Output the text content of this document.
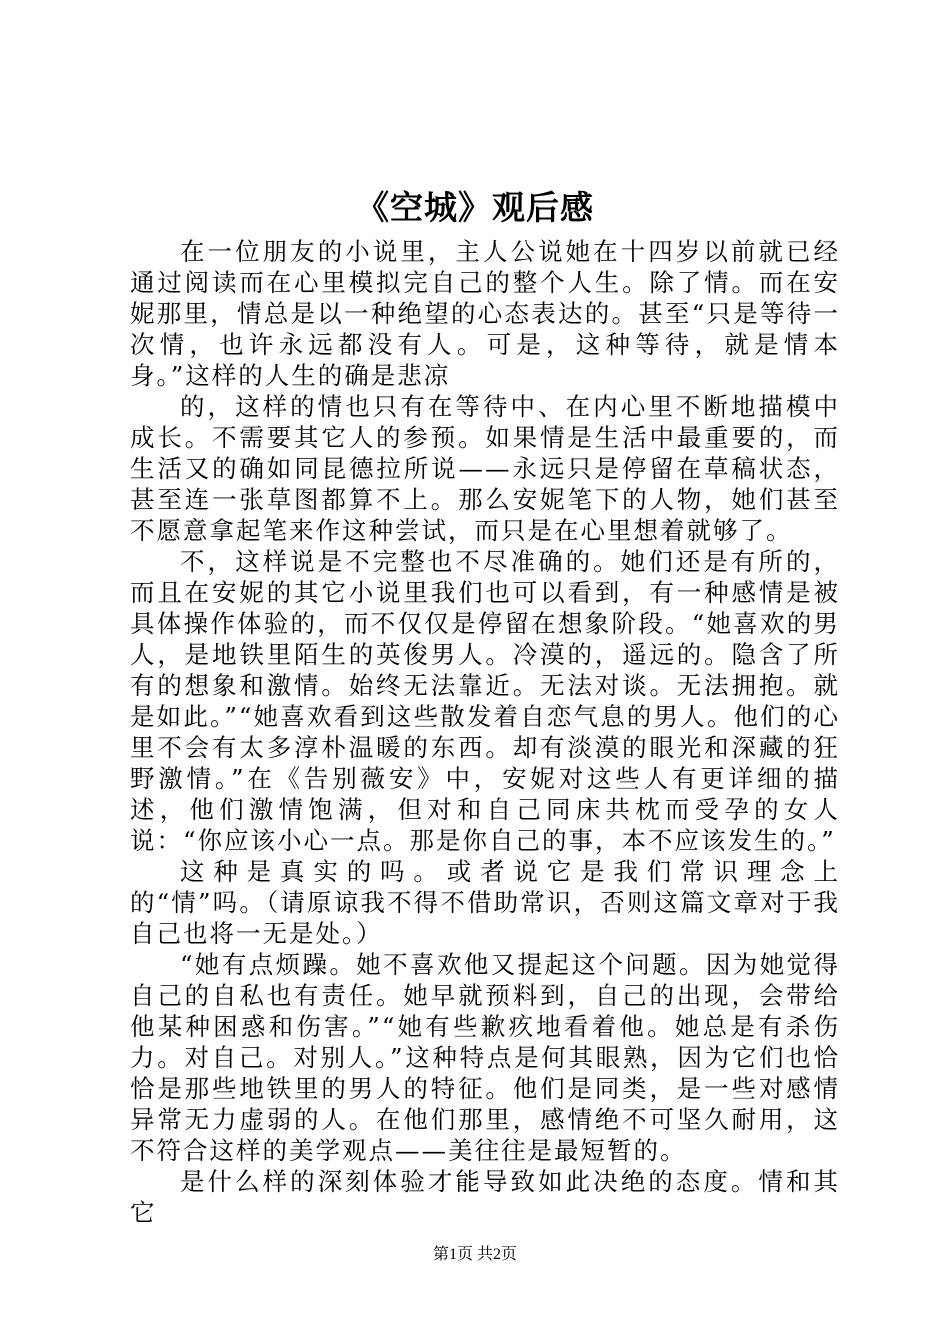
《空城》观后感

在一位朋友的小说里，主人公说她在十四岁以前就已经通过阅读而在心里模拟完自己的整个人生。除了情。而在安妮那里，情总是以一种绝望的心态表达的。甚至“只是等待一次情，也许永远都没有人。可是，这种等待，就是情本身。”这样的人生的确是悲凉

的，这样的情也只有在等待中、在内心里不断地描模中成长。不需要其它人的参预。如果情是生活中最重要的，而生活又的确如同昆德拉所说——永远只是停留在草稿状态，甚至连一张草图都算不上。那么安妮笔下的人物，她们甚至不愿意拿起笔来作这种尝试，而只是在心里想着就够了。

不，这样说是不完整也不尽准确的。她们还是有所的，而且在安妮的其它小说里我们也可以看到，有一种感情是被具体操作体验的，而不仅仅是停留在想象阶段。“她喜欢的男人，是地铁里陌生的英俊男人。冷漠的，遥远的。隐含了所有的想象和激情。始终无法靠近。无法对谈。无法拥抱。就是如此。”“她喜欢看到这些散发着自恋气息的男人。他们的心里不会有太多淳朴温暖的东西。却有淡漠的眼光和深藏的狂野激情。”在《告别薇安》中，安妮对这些人有更详细的描述，他们激情饱满，但对和自己同床共枕而受孕的女人说：“你应该小心一点。那是你自己的事，本不应该发生的。”

这种是真实的吗。或者说它是我们常识理念上的“情”吗。（请原谅我不得不借助常识，否则这篇文章对于我自己也将一无是处。）

“她有点烦躁。她不喜欢他又提起这个问题。因为她觉得自己的自私也有责任。她早就预料到，自己的出现，会带给他某种困惑和伤害。”“她有些歉疚地看着他。她总是有杀伤力。对自己。对别人。”这种特点是何其眼熟，因为它们也恰恰是那些地铁里的男人的特征。他们是同类，是一些对感情异常无力虚弱的人。在他们那里，感情绝不可坚久耐用，这不符合这样的美学观点——美往往是最短暂的。

是什么样的深刻体验才能导致如此决绝的态度。情和其它

第1页 共2页
